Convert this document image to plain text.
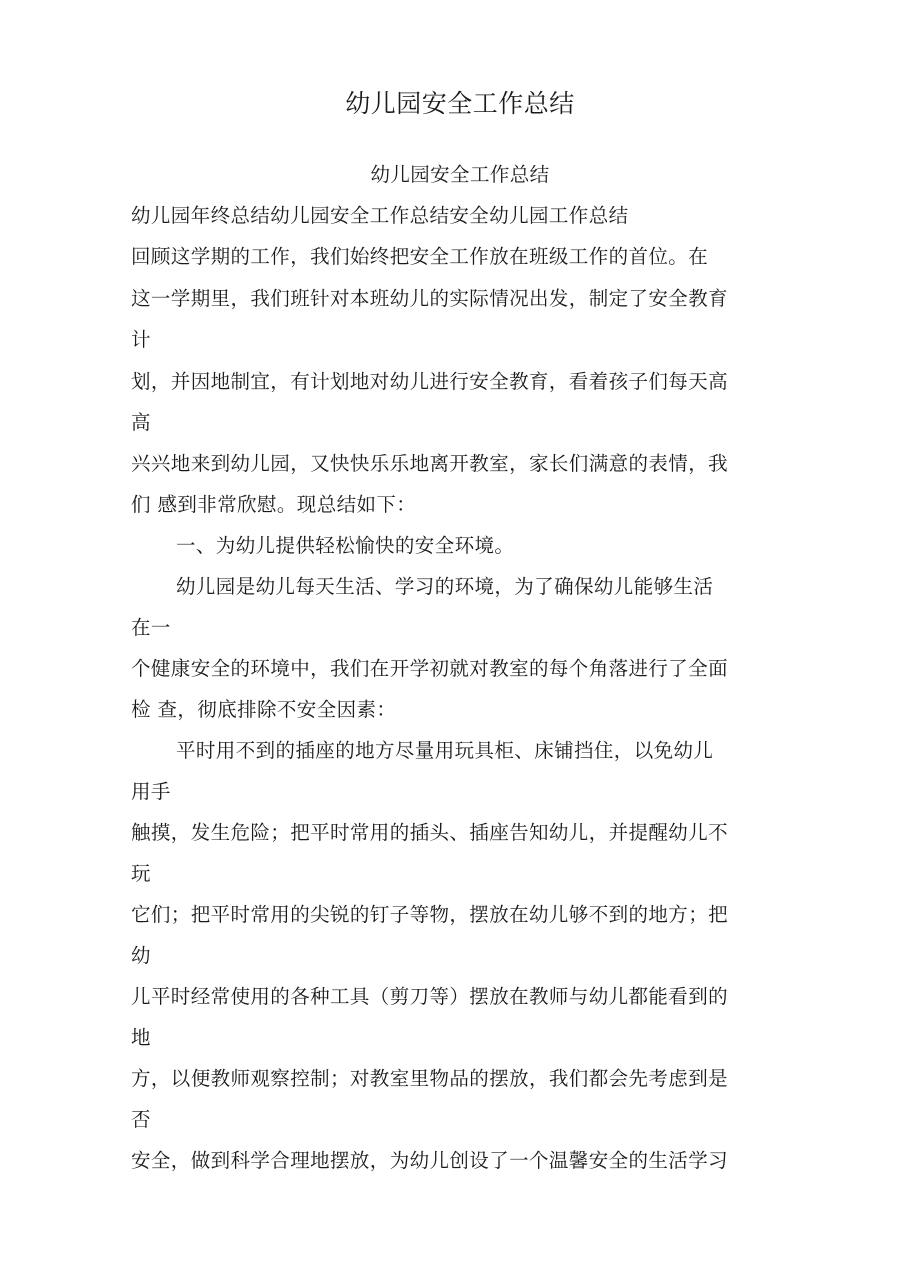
幼儿园安全工作总结
幼儿园安全工作总结
幼儿园年终总结幼儿园安全工作总结安全幼儿园工作总结
回顾这学期的工作，我们始终把安全工作放在班级工作的首位。在
这一学期里，我们班针对本班幼儿的实际情况出发，制定了安全教育
计
划，并因地制宜，有计划地对幼儿进行安全教育，看着孩子们每天高
高
兴兴地来到幼儿园，又快快乐乐地离开教室，家长们满意的表情，我
们 感到非常欣慰。现总结如下：
一、为幼儿提供轻松愉快的安全环境。
幼儿园是幼儿每天生活、学习的环境，为了确保幼儿能够生活
在一
个健康安全的环境中，我们在开学初就对教室的每个角落进行了全面
检 查，彻底排除不安全因素：
平时用不到的插座的地方尽量用玩具柜、床铺挡住，以免幼儿
用手
触摸，发生危险；把平时常用的插头、插座告知幼儿，并提醒幼儿不
玩
它们；把平时常用的尖锐的钉子等物，摆放在幼儿够不到的地方；把
幼
儿平时经常使用的各种工具（剪刀等）摆放在教师与幼儿都能看到的
地
方，以便教师观察控制；对教室里物品的摆放，我们都会先考虑到是
否
安全，做到科学合理地摆放，为幼儿创设了一个温馨安全的生活学习
